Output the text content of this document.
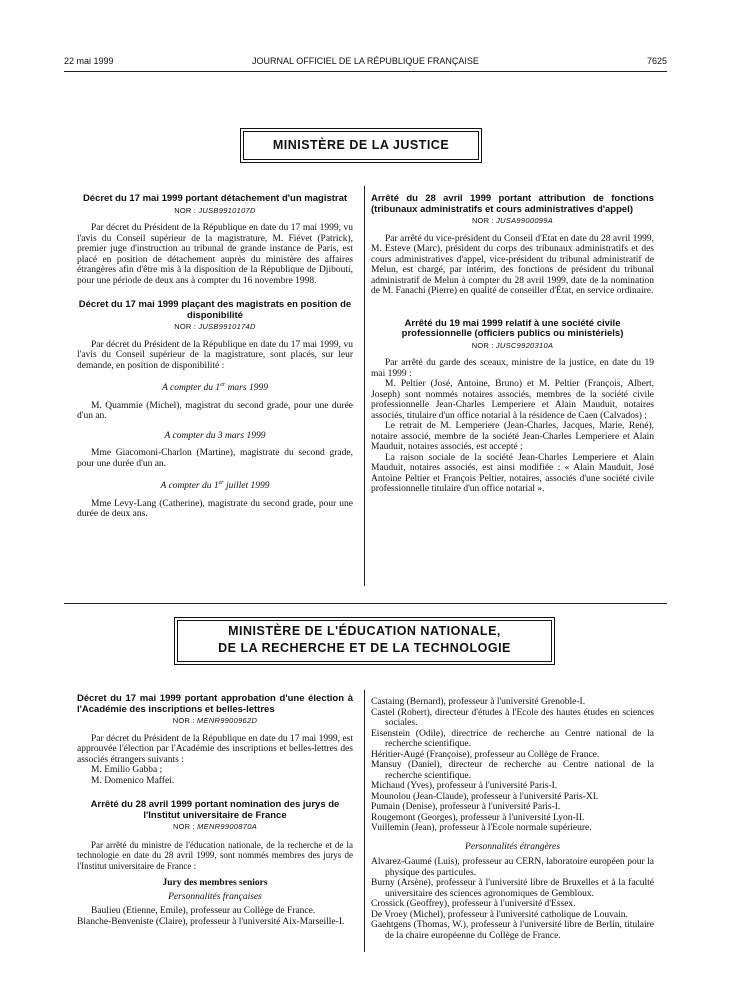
22 mai 1999	JOURNAL OFFICIEL DE LA RÉPUBLIQUE FRANÇAISE	7625
MINISTÈRE DE LA JUSTICE
Décret du 17 mai 1999 portant détachement d'un magistrat
NOR : JUSB9910107D

Par décret du Président de la République en date du 17 mai 1999, vu l'avis du Conseil supérieur de la magistrature, M. Fiévet (Patrick), premier juge d'instruction au tribunal de grande instance de Paris, est placé en position de détachement auprès du ministère des affaires étrangères afin d'être mis à la disposition de la République de Djibouti, pour une période de deux ans à compter du 16 novembre 1998.

Décret du 17 mai 1999 plaçant des magistrats en position de disponibilité
NOR : JUSB9910174D

Par décret du Président de la République en date du 17 mai 1999, vu l'avis du Conseil supérieur de la magistrature, sont placés, sur leur demande, en position de disponibilité :

A compter du 1er mars 1999

M. Quammie (Michel), magistrat du second grade, pour une durée d'un an.

A compter du 3 mars 1999

Mme Giacomoni-Charlon (Martine), magistrate du second grade, pour une durée d'un an.

A compter du 1er juillet 1999

Mme Levy-Lang (Catherine), magistrate du second grade, pour une durée de deux ans.

Arrêté du 28 avril 1999 portant attribution de fonctions (tribunaux administratifs et cours administratives d'appel)
NOR : JUSA9900099A

Par arrêté du vice-président du Conseil d'Etat en date du 28 avril 1999, M. Esteve (Marc), président du corps des tribunaux administratifs et des cours administratives d'appel, vice-président du tribunal administratif de Melun, est chargé, par intérim, des fonctions de président du tribunal administratif de Melun à compter du 28 avril 1999, date de la nomination de M. Fanachi (Pierre) en qualité de conseiller d'État, en service ordinaire.

Arrêté du 19 mai 1999 relatif à une société civile professionnelle (officiers publics ou ministériels)
NOR : JUSC9920310A

Par arrêté du garde des sceaux, ministre de la justice, en date du 19 mai 1999 :

M. Peltier (José, Antoine, Bruno) et M. Peltier (François, Albert, Joseph) sont nommés notaires associés, membres de la société civile professionnelle Jean-Charles Lemperiere et Alain Mauduit, notaires associés, titulaire d'un office notarial à la résidence de Caen (Calvados) ;

Le retrait de M. Lemperiere (Jean-Charles, Jacques, Marie, René), notaire associé, membre de la société Jean-Charles Lemperiere et Alain Mauduit, notaires associés, est accepté ;

La raison sociale de la société Jean-Charles Lemperiere et Alain Mauduit, notaires associés, est ainsi modifiée : « Alain Mauduit, José Antoine Peltier et François Peltier, notaires, associés d'une société civile professionnelle titulaire d'un office notarial ».

MINISTÈRE DE L'ÉDUCATION NATIONALE,
DE LA RECHERCHE ET DE LA TECHNOLOGIE
Décret du 17 mai 1999 portant approbation d'une élection à l'Académie des inscriptions et belles-lettres
NOR : MENR9900962D

Par décret du Président de la République en date du 17 mai 1999, est approuvée l'élection par l'Académie des inscriptions et belles-lettres des associés étrangers suivants :

M. Emilio Gabba ;

M. Domenico Maffei.

Arrêté du 28 avril 1999 portant nomination des jurys de l'Institut universitaire de France
NOR : MENR9900870A

Par arrêté du ministre de l'éducation nationale, de la recherche et de la technologie en date du 28 avril 1999, sont nommés membres des jurys de l'Institut universitaire de France :

Jury des membres seniors
Personnalités françaises

Baulieu (Etienne, Emile), professeur au Collège de France.

Blanche-Benveniste (Claire), professeur à l'université Aix-Marseille-I.

Castaing (Bernard), professeur à l'université Grenoble-I.

Castel (Robert), directeur d'études à l'Ecole des hautes études en sciences sociales.

Eisenstein (Odile), directrice de recherche au Centre national de la recherche scientifique.

Héritier-Augé (Françoise), professeur au Collège de France.

Mansuy (Daniel), directeur de recherche au Centre national de la recherche scientifique.

Michaud (Yves), professeur à l'université Paris-I.

Mounolou (Jean-Claude), professeur à l'université Paris-XI.

Pumain (Denise), professeur à l'université Paris-I.

Rougemont (Georges), professeur à l'université Lyon-II.

Vuillemin (Jean), professeur à l'Ecole normale supérieure.

Personnalités étrangères

Alvarez-Gaumé (Luis), professeur au CERN, laboratoire européen pour la physique des particules.

Burny (Arsène), professeur à l'université libre de Bruxelles et à la faculté universitaire des sciences agronomiques de Gembloux.

Crossick (Geoffrey), professeur à l'université d'Essex.

De Vroey (Michel), professeur à l'université catholique de Louvain.

Gaehtgens (Thomas, W.), professeur à l'université libre de Berlin, titulaire de la chaire européenne du Collège de France.
